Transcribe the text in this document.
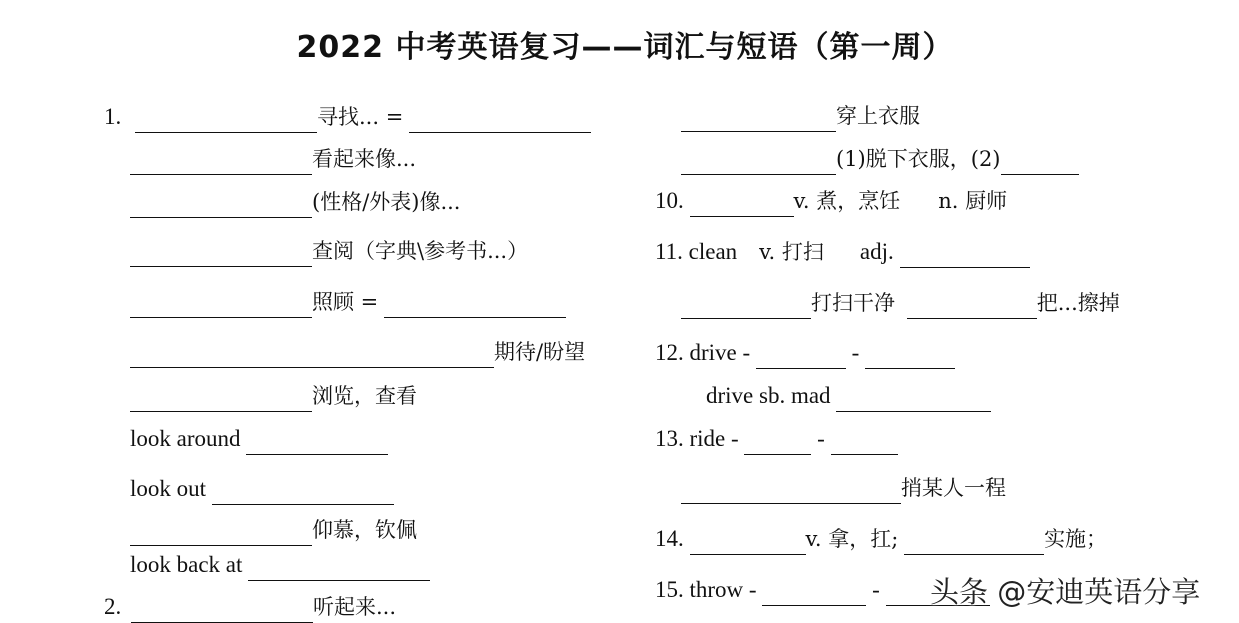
2022 中考英语复习——词汇与短语（第一周）
1.	寻找... =
看起来像...
(性格/外表)像...
查阅（字典\参考书...）
照顾 =
期待/盼望
浏览，查看
look around
look out
仰慕，钦佩
look back at
2.	听起来...
穿上衣服
(1)脱下衣服，(2)
10.	v. 煮，烹饪 n. 厨师
11. clean v. 打扫 adj.
打扫干净	把...擦掉
12. drive -	-
drive sb. mad
13. ride -	-
捎某人一程
14.	v. 拿，扛;	实施；
15. throw -	-	头条 @安迪英语分享
